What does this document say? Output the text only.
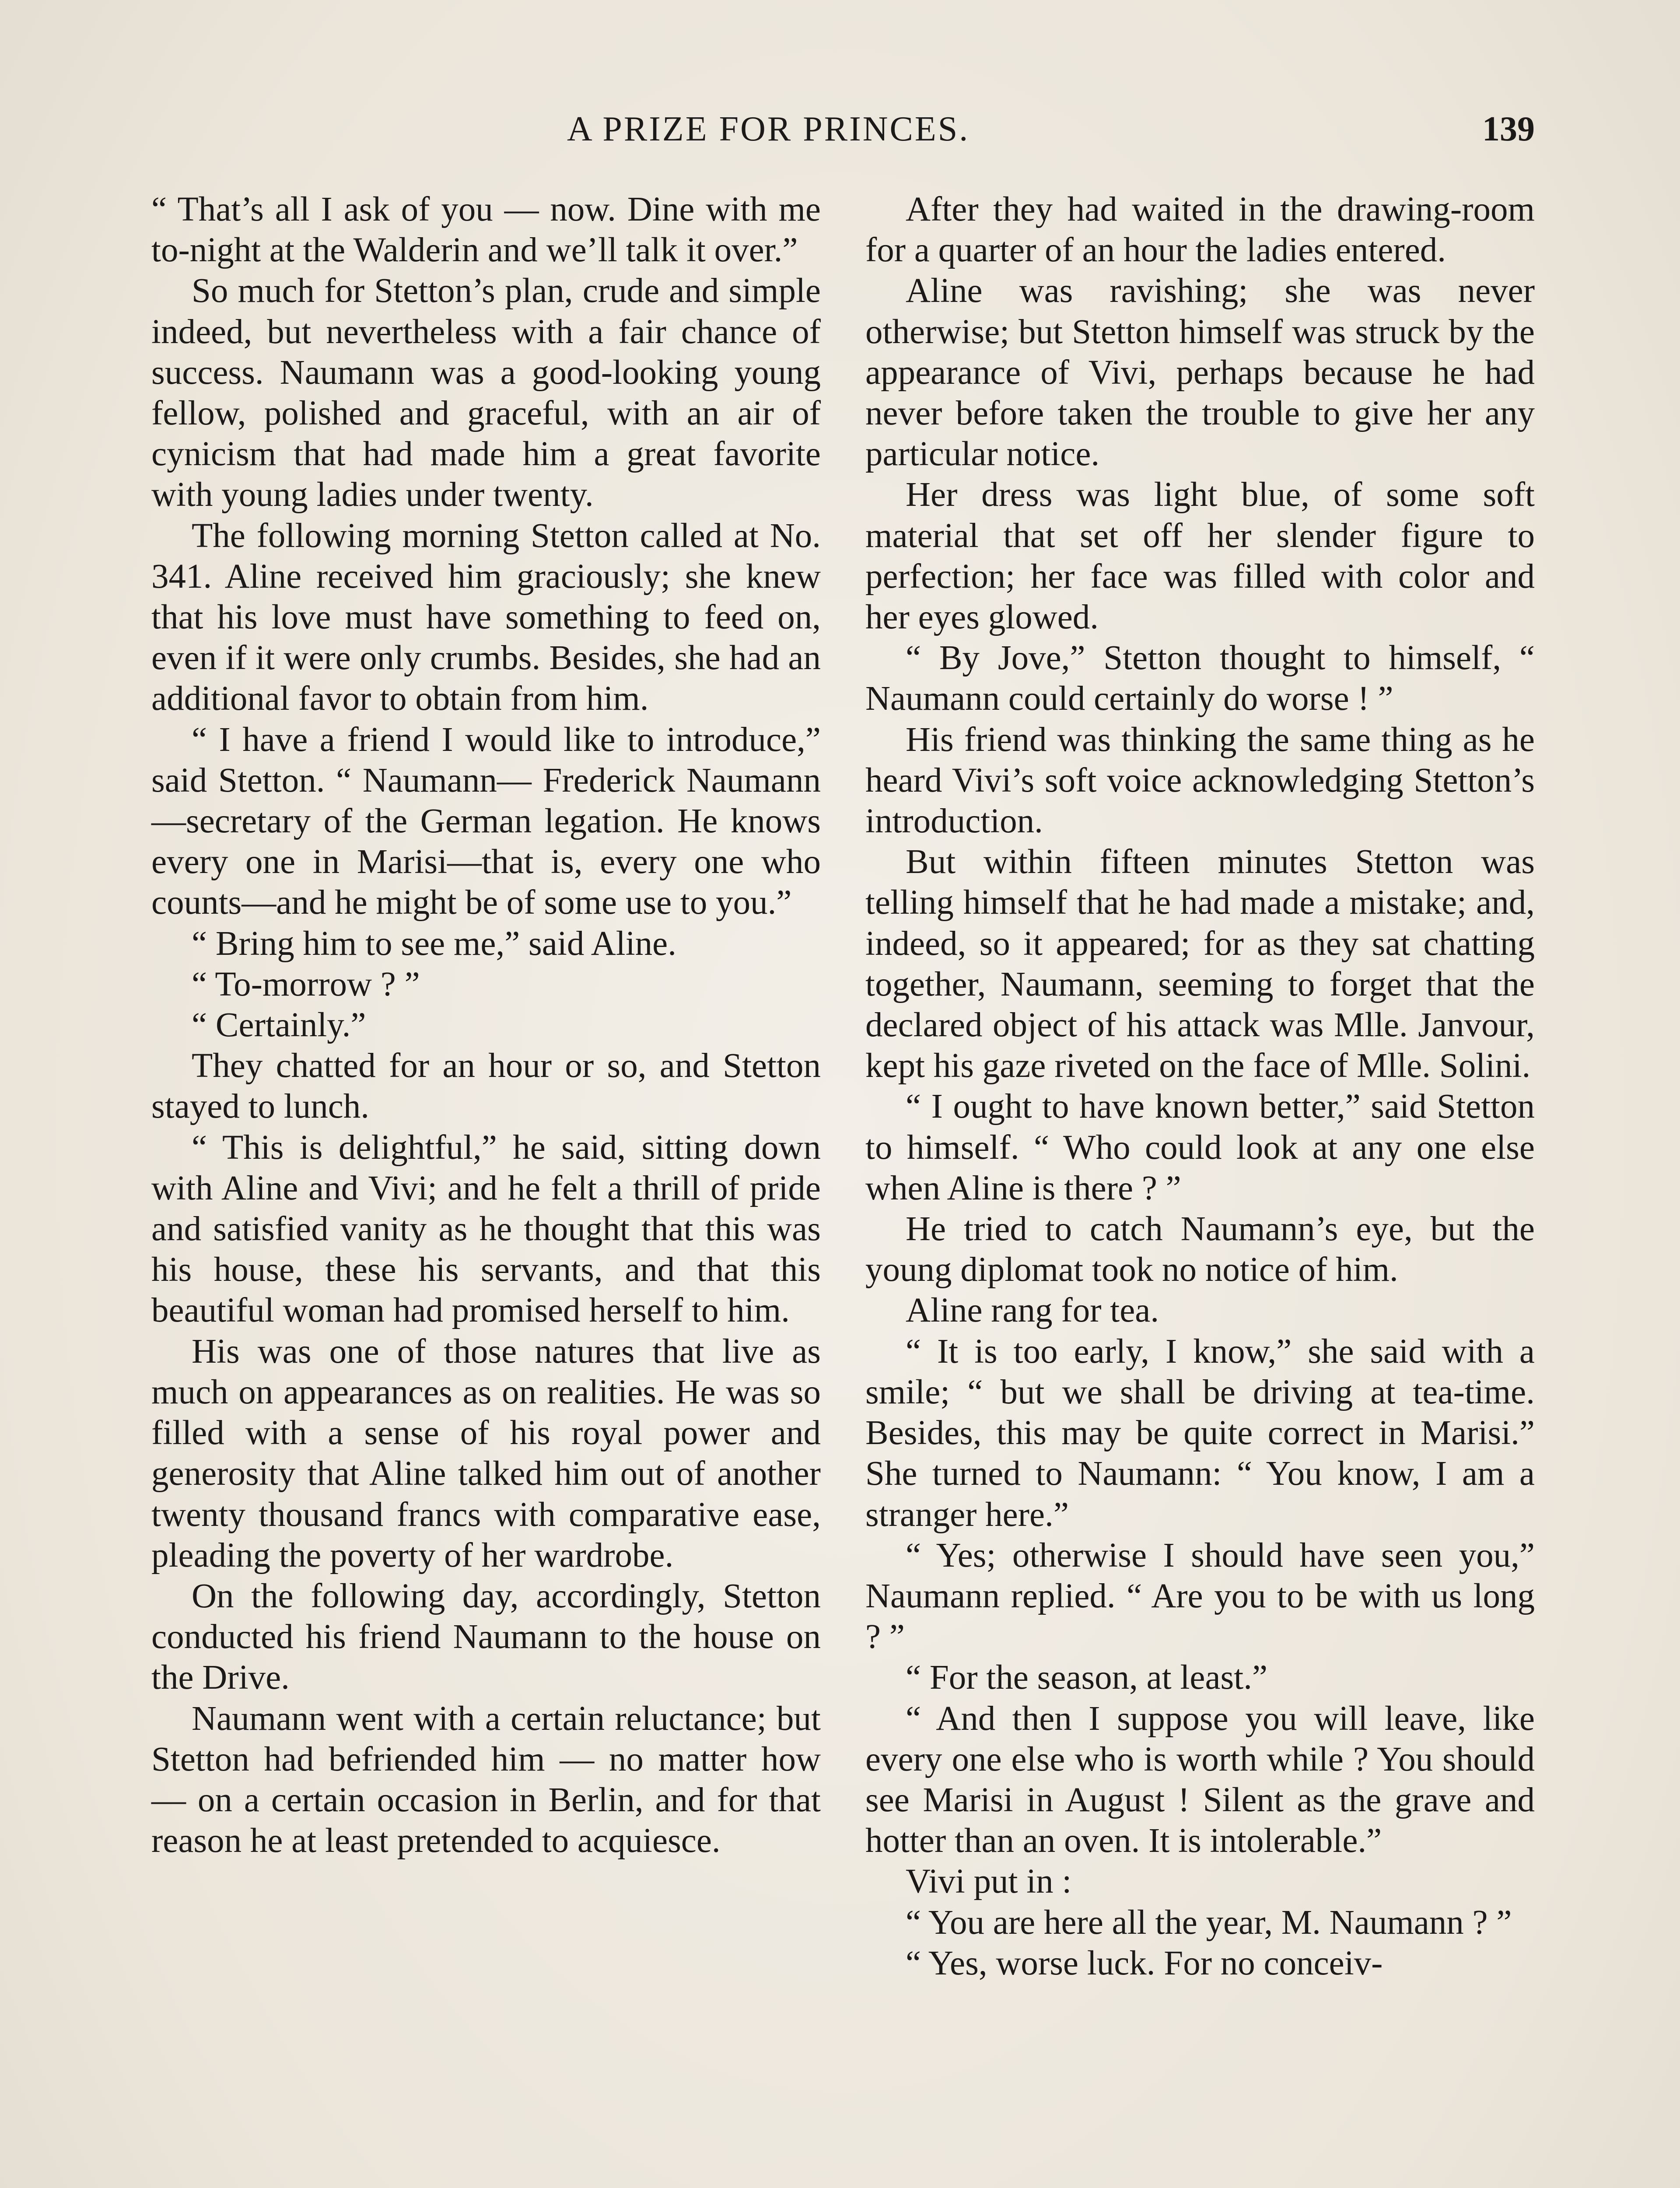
A PRIZE FOR PRINCES.	139

“ That’s all I ask of you — now. Dine with me to-night at the Walderin and we’ll talk it over.”

So much for Stetton’s plan, crude and simple indeed, but nevertheless with a fair chance of success. Naumann was a good-looking young fellow, polished and graceful, with an air of cynicism that had made him a great favorite with young ladies under twenty.

The following morning Stetton called at No. 341. Aline received him graciously; she knew that his love must have something to feed on, even if it were only crumbs. Besides, she had an additional favor to obtain from him.

“ I have a friend I would like to introduce,” said Stetton. “ Naumann— Frederick Naumann—secretary of the German legation. He knows every one in Marisi—that is, every one who counts—and he might be of some use to you.”

“ Bring him to see me,” said Aline.

“ To-morrow ? ”

“ Certainly.”

They chatted for an hour or so, and Stetton stayed to lunch.

“ This is delightful,” he said, sitting down with Aline and Vivi; and he felt a thrill of pride and satisfied vanity as he thought that this was his house, these his servants, and that this beautiful woman had promised herself to him.

His was one of those natures that live as much on appearances as on realities. He was so filled with a sense of his royal power and generosity that Aline talked him out of another twenty thousand francs with comparative ease, pleading the poverty of her wardrobe.

On the following day, accordingly, Stetton conducted his friend Naumann to the house on the Drive.

Naumann went with a certain reluctance; but Stetton had befriended him — no matter how — on a certain occasion in Berlin, and for that reason he at least pretended to acquiesce.

After they had waited in the drawing-room for a quarter of an hour the ladies entered.

Aline was ravishing; she was never otherwise; but Stetton himself was struck by the appearance of Vivi, perhaps because he had never before taken the trouble to give her any particular notice.

Her dress was light blue, of some soft material that set off her slender figure to perfection; her face was filled with color and her eyes glowed.

“ By Jove,” Stetton thought to himself, “ Naumann could certainly do worse ! ”

His friend was thinking the same thing as he heard Vivi’s soft voice acknowledging Stetton’s introduction.

But within fifteen minutes Stetton was telling himself that he had made a mistake; and, indeed, so it appeared; for as they sat chatting together, Naumann, seeming to forget that the declared object of his attack was Mlle. Janvour, kept his gaze riveted on the face of Mlle. Solini.

“ I ought to have known better,” said Stetton to himself. “ Who could look at any one else when Aline is there ? ”

He tried to catch Naumann’s eye, but the young diplomat took no notice of him.

Aline rang for tea.

“ It is too early, I know,” she said with a smile; “ but we shall be driving at tea-time. Besides, this may be quite correct in Marisi.” She turned to Naumann: “ You know, I am a stranger here.”

“ Yes; otherwise I should have seen you,” Naumann replied. “ Are you to be with us long ? ”

“ For the season, at least.”

“ And then I suppose you will leave, like every one else who is worth while ? You should see Marisi in August ! Silent as the grave and hotter than an oven. It is intolerable.”

Vivi put in :

“ You are here all the year, M. Naumann ? ”

“ Yes, worse luck. For no conceiv-
